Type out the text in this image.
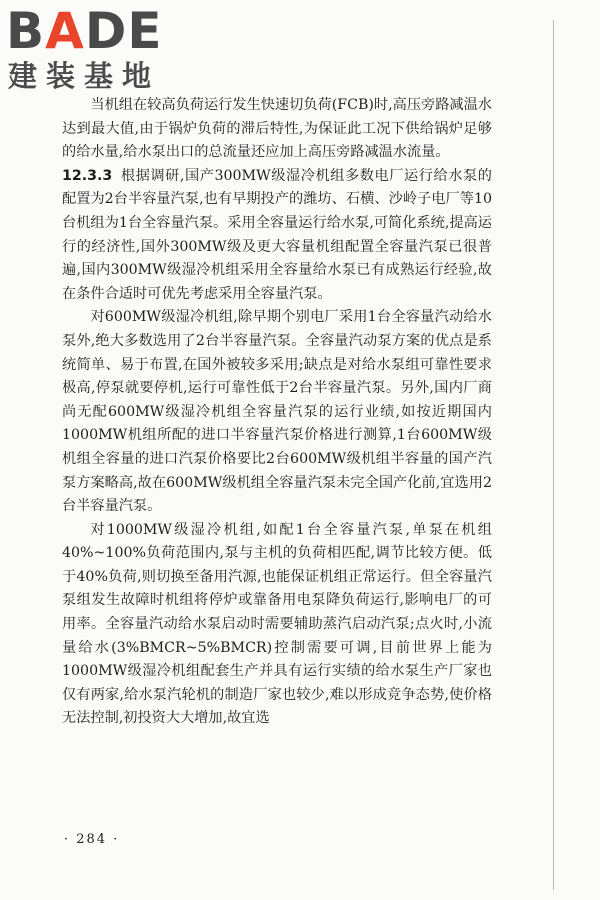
BADE
建装基地

当机组在较高负荷运行发生快速切负荷(FCB)时,高压旁路减温水达到最大值,由于锅炉负荷的滞后特性,为保证此工况下供给锅炉足够的给水量,给水泵出口的总流量还应加上高压旁路减温水流量。

12.3.3 根据调研,国产300MW级湿冷机组多数电厂运行给水泵的配置为2台半容量汽泵,也有早期投产的潍坊、石横、沙岭子电厂等10台机组为1台全容量汽泵。采用全容量运行给水泵,可简化系统,提高运行的经济性,国外300MW级及更大容量机组配置全容量汽泵已很普遍,国内300MW级湿冷机组采用全容量给水泵已有成熟运行经验,故在条件合适时可优先考虑采用全容量汽泵。

对600MW级湿冷机组,除早期个别电厂采用1台全容量汽动给水泵外,绝大多数选用了2台半容量汽泵。全容量汽动泵方案的优点是系统简单、易于布置,在国外被较多采用;缺点是对给水泵组可靠性要求极高,停泵就要停机,运行可靠性低于2台半容量汽泵。另外,国内厂商尚无配600MW级湿冷机组全容量汽泵的运行业绩,如按近期国内1000MW机组所配的进口半容量汽泵价格进行测算,1台600MW级机组全容量的进口汽泵价格要比2台600MW级机组半容量的国产汽泵方案略高,故在600MW级机组全容量汽泵未完全国产化前,宜选用2台半容量汽泵。

对1000MW级湿冷机组,如配1台全容量汽泵,单泵在机组40%~100%负荷范围内,泵与主机的负荷相匹配,调节比较方便。低于40%负荷,则切换至备用汽源,也能保证机组正常运行。但全容量汽泵组发生故障时机组将停炉或靠备用电泵降负荷运行,影响电厂的可用率。全容量汽动给水泵启动时需要辅助蒸汽启动汽泵;点火时,小流量给水(3%BMCR~5%BMCR)控制需要可调,目前世界上能为1000MW级湿冷机组配套生产并具有运行实绩的给水泵生产厂家也仅有两家,给水泵汽轮机的制造厂家也较少,难以形成竞争态势,使价格无法控制,初投资大大增加,故宜选

· 284 ·
